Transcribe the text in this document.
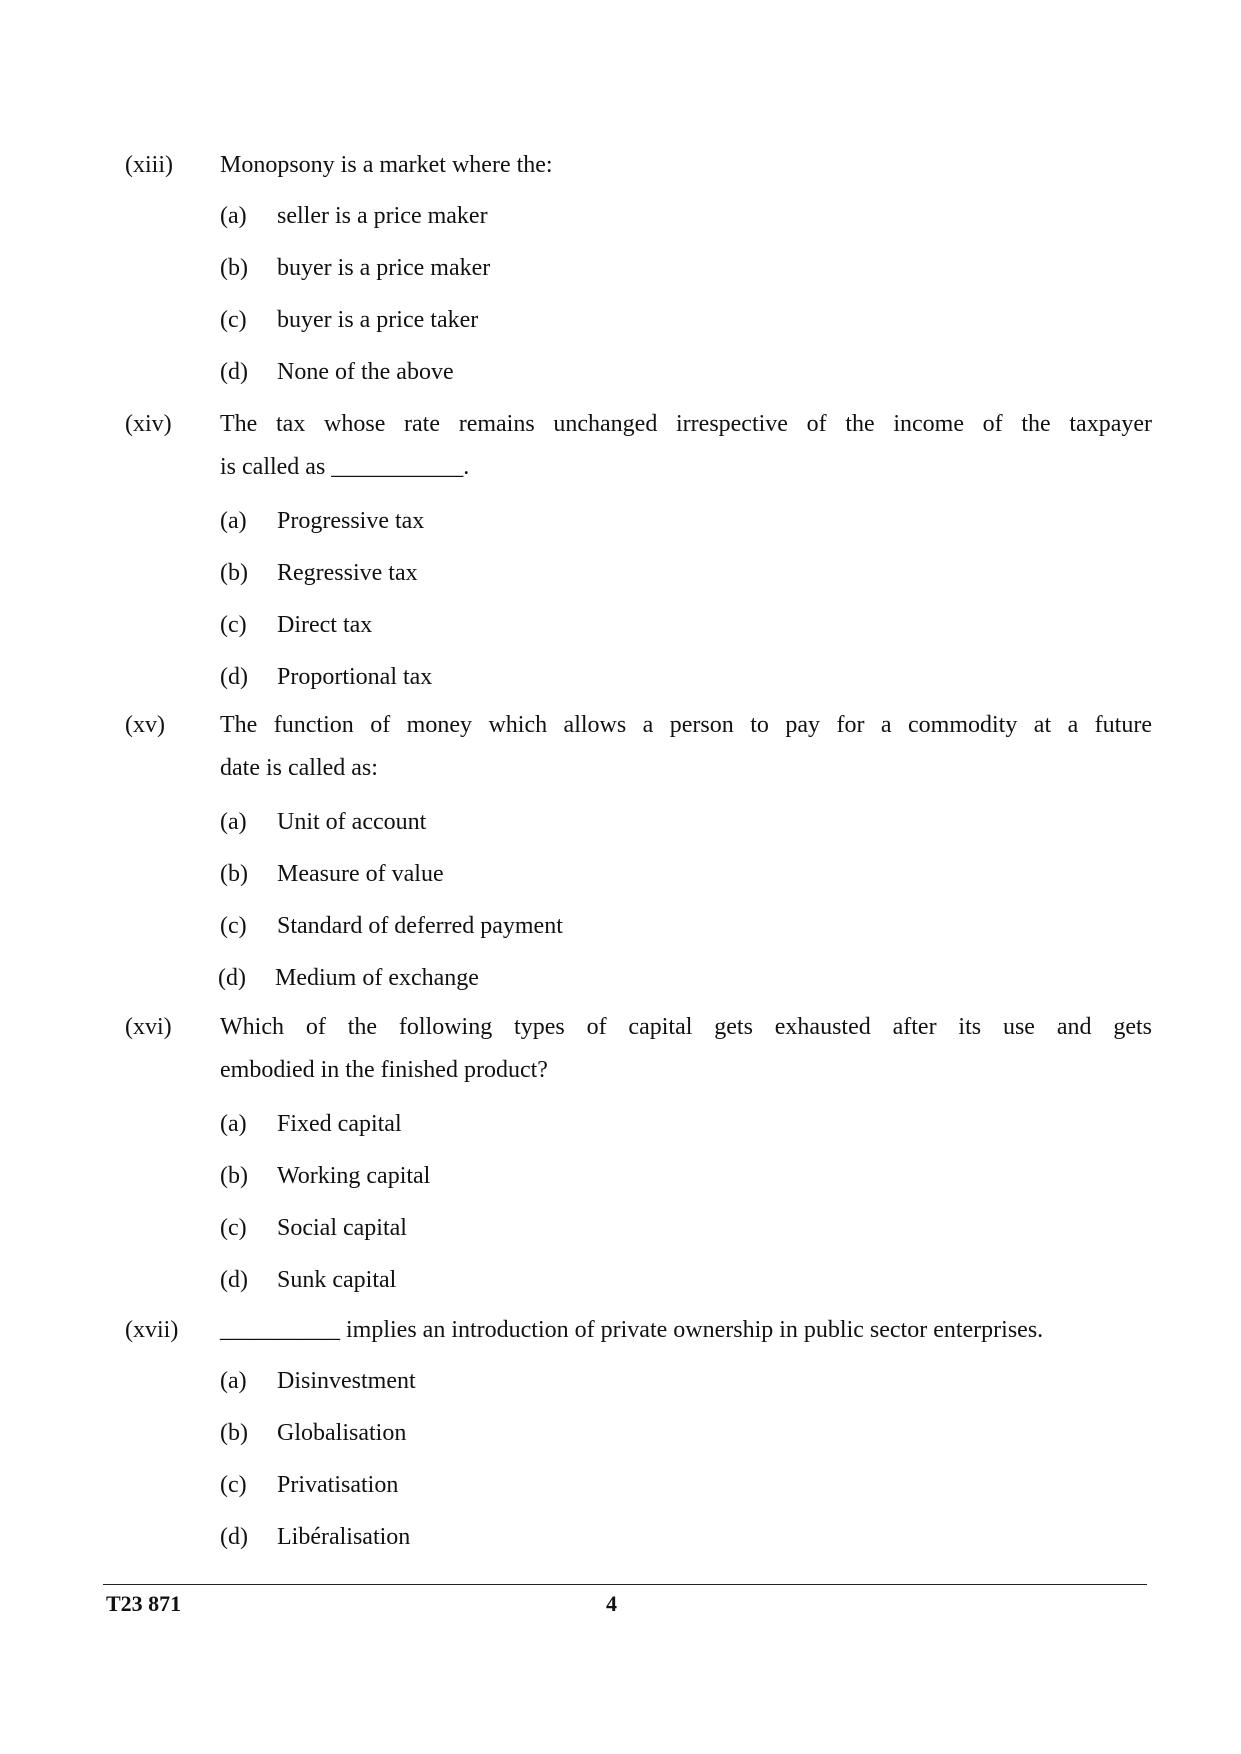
(xiii) Monopsony is a market where the:
(a) seller is a price maker
(b) buyer is a price maker
(c) buyer is a price taker
(d) None of the above
(xiv) The tax whose rate remains unchanged irrespective of the income of the taxpayer
is called as ___________.
(a) Progressive tax
(b) Regressive tax
(c) Direct tax
(d) Proportional tax
(xv) The function of money which allows a person to pay for a commodity at a future
date is called as:
(a) Unit of account
(b) Measure of value
(c) Standard of deferred payment
(d) Medium of exchange
(xvi) Which of the following types of capital gets exhausted after its use and gets
embodied in the finished product?
(a) Fixed capital
(b) Working capital
(c) Social capital
(d) Sunk capital
(xvii) __________ implies an introduction of private ownership in public sector enterprises.
(a) Disinvestment
(b) Globalisation
(c) Privatisation
(d) Libéralisation
T23 871	4
